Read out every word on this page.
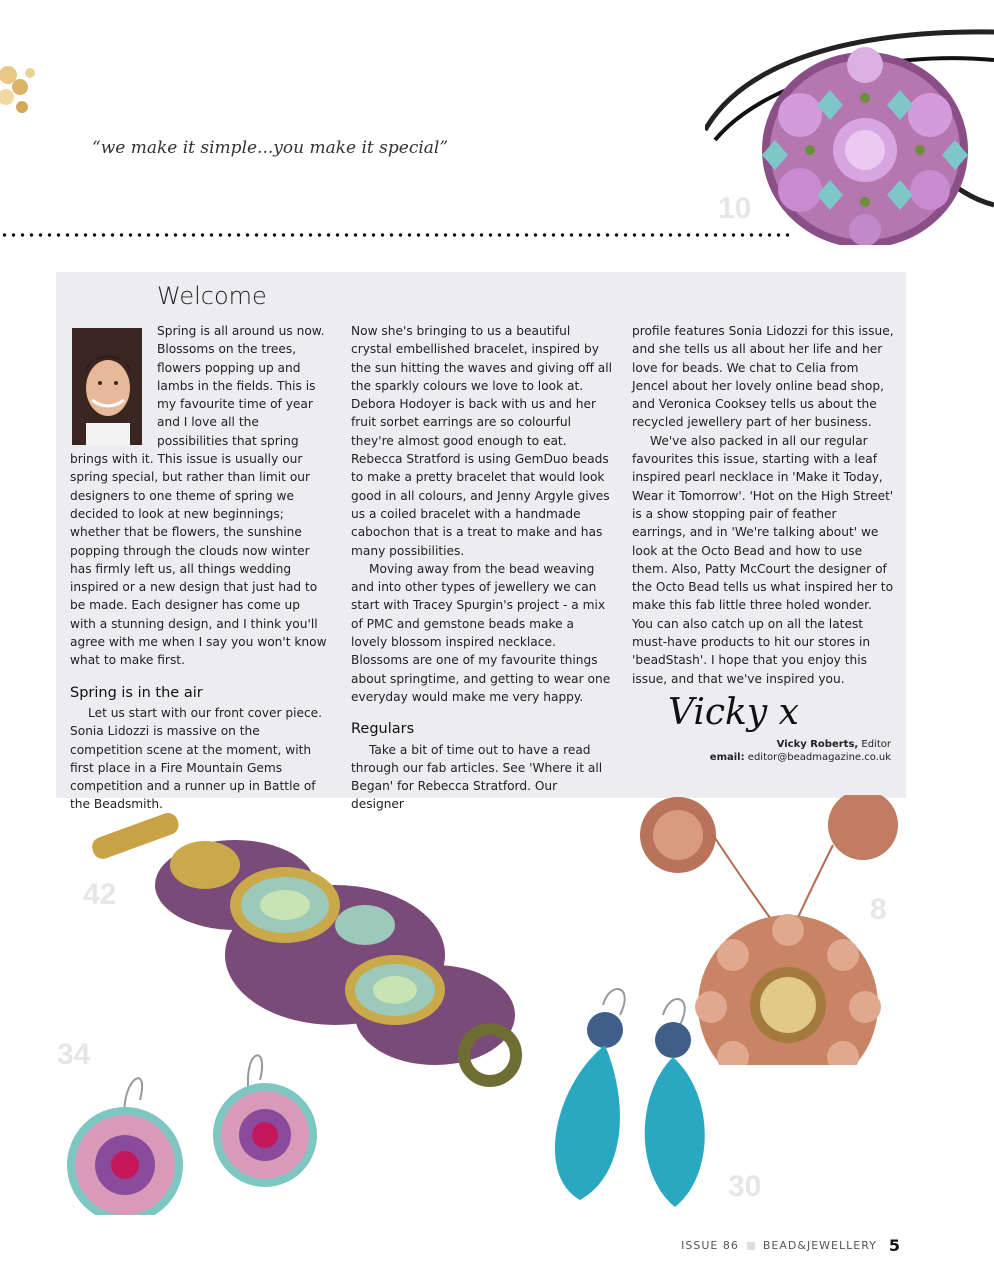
“we make it simple...you make it special”
10
Welcome

Spring is all around us now. Blossoms on the trees, flowers popping up and lambs in the fields. This is my favourite time of year and I love all the possibilities that spring brings with it. This issue is usually our spring special, but rather than limit our designers to one theme of spring we decided to look at new beginnings; whether that be flowers, the sunshine popping through the clouds now winter has firmly left us, all things wedding inspired or a new design that just had to be made. Each designer has come up with a stunning design, and I think you'll agree with me when I say you won't know what to make first.

Spring is in the air

Let us start with our front cover piece. Sonia Lidozzi is massive on the competition scene at the moment, with first place in a Fire Mountain Gems competition and a runner up in Battle of the Beadsmith.

Now she's bringing to us a beautiful crystal embellished bracelet, inspired by the sun hitting the waves and giving off all the sparkly colours we love to look at. Debora Hodoyer is back with us and her fruit sorbet earrings are so colourful they're almost good enough to eat. Rebecca Stratford is using GemDuo beads to make a pretty bracelet that would look good in all colours, and Jenny Argyle gives us a coiled bracelet with a handmade cabochon that is a treat to make and has many possibilities.

Moving away from the bead weaving and into other types of jewellery we can start with Tracey Spurgin's project - a mix of PMC and gemstone beads make a lovely blossom inspired necklace. Blossoms are one of my favourite things about springtime, and getting to wear one everyday would make me very happy.

Regulars

Take a bit of time out to have a read through our fab articles. See 'Where it all Began' for Rebecca Stratford. Our designer

profile features Sonia Lidozzi for this issue, and she tells us all about her life and her love for beads. We chat to Celia from Jencel about her lovely online bead shop, and Veronica Cooksey tells us about the recycled jewellery part of her business.

We've also packed in all our regular favourites this issue, starting with a leaf inspired pearl necklace in 'Make it Today, Wear it Tomorrow'. 'Hot on the High Street' is a show stopping pair of feather earrings, and in 'We're talking about' we look at the Octo Bead and how to use them. Also, Patty McCourt the designer of the Octo Bead tells us what inspired her to make this fab little three holed wonder. You can also catch up on all the latest must-have products to hit our stores in 'beadStash'. I hope that you enjoy this issue, and that we've inspired you.

Vicky x
Vicky Roberts, Editor
email: editor@beadmagazine.co.uk
42	8
34
30
ISSUE 86 BEAD&JEWELLERY 5
